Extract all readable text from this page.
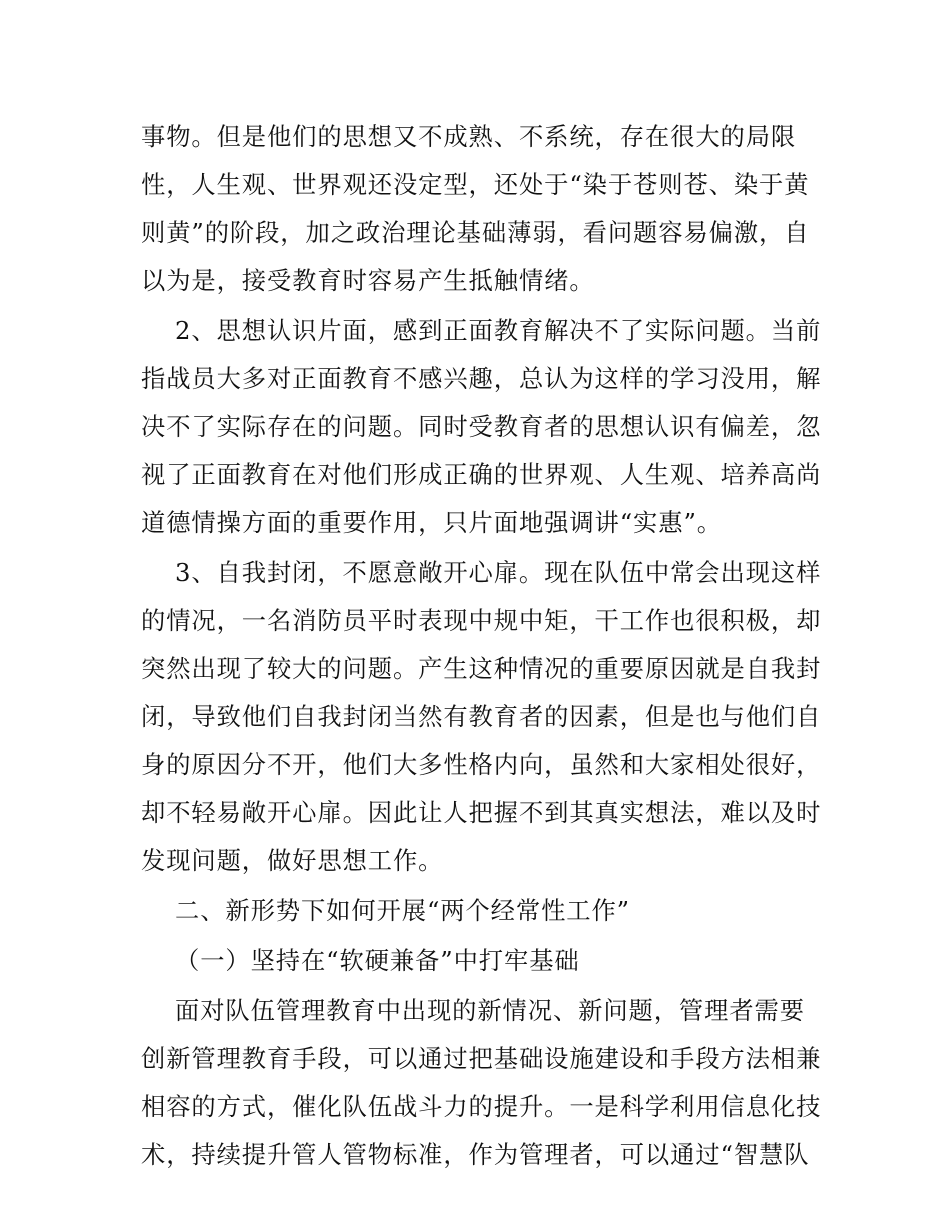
事物。但是他们的思想又不成熟、不系统，存在很大的局限
性，人生观、世界观还没定型，还处于“染于苍则苍、染于黄
则黄”的阶段，加之政治理论基础薄弱，看问题容易偏激，自
以为是，接受教育时容易产生抵触情绪。
2、思想认识片面，感到正面教育解决不了实际问题。当前
指战员大多对正面教育不感兴趣，总认为这样的学习没用，解
决不了实际存在的问题。同时受教育者的思想认识有偏差，忽
视了正面教育在对他们形成正确的世界观、人生观、培养高尚
道德情操方面的重要作用，只片面地强调讲“实惠”。
3、自我封闭，不愿意敞开心扉。现在队伍中常会出现这样
的情况，一名消防员平时表现中规中矩，干工作也很积极，却
突然出现了较大的问题。产生这种情况的重要原因就是自我封
闭，导致他们自我封闭当然有教育者的因素，但是也与他们自
身的原因分不开，他们大多性格内向，虽然和大家相处很好，
却不轻易敞开心扉。因此让人把握不到其真实想法，难以及时
发现问题，做好思想工作。
二、新形势下如何开展“两个经常性工作”
（一）坚持在“软硬兼备”中打牢基础
面对队伍管理教育中出现的新情况、新问题，管理者需要
创新管理教育手段，可以通过把基础设施建设和手段方法相兼
相容的方式，催化队伍战斗力的提升。一是科学利用信息化技
术，持续提升管人管物标准，作为管理者，可以通过“智慧队
